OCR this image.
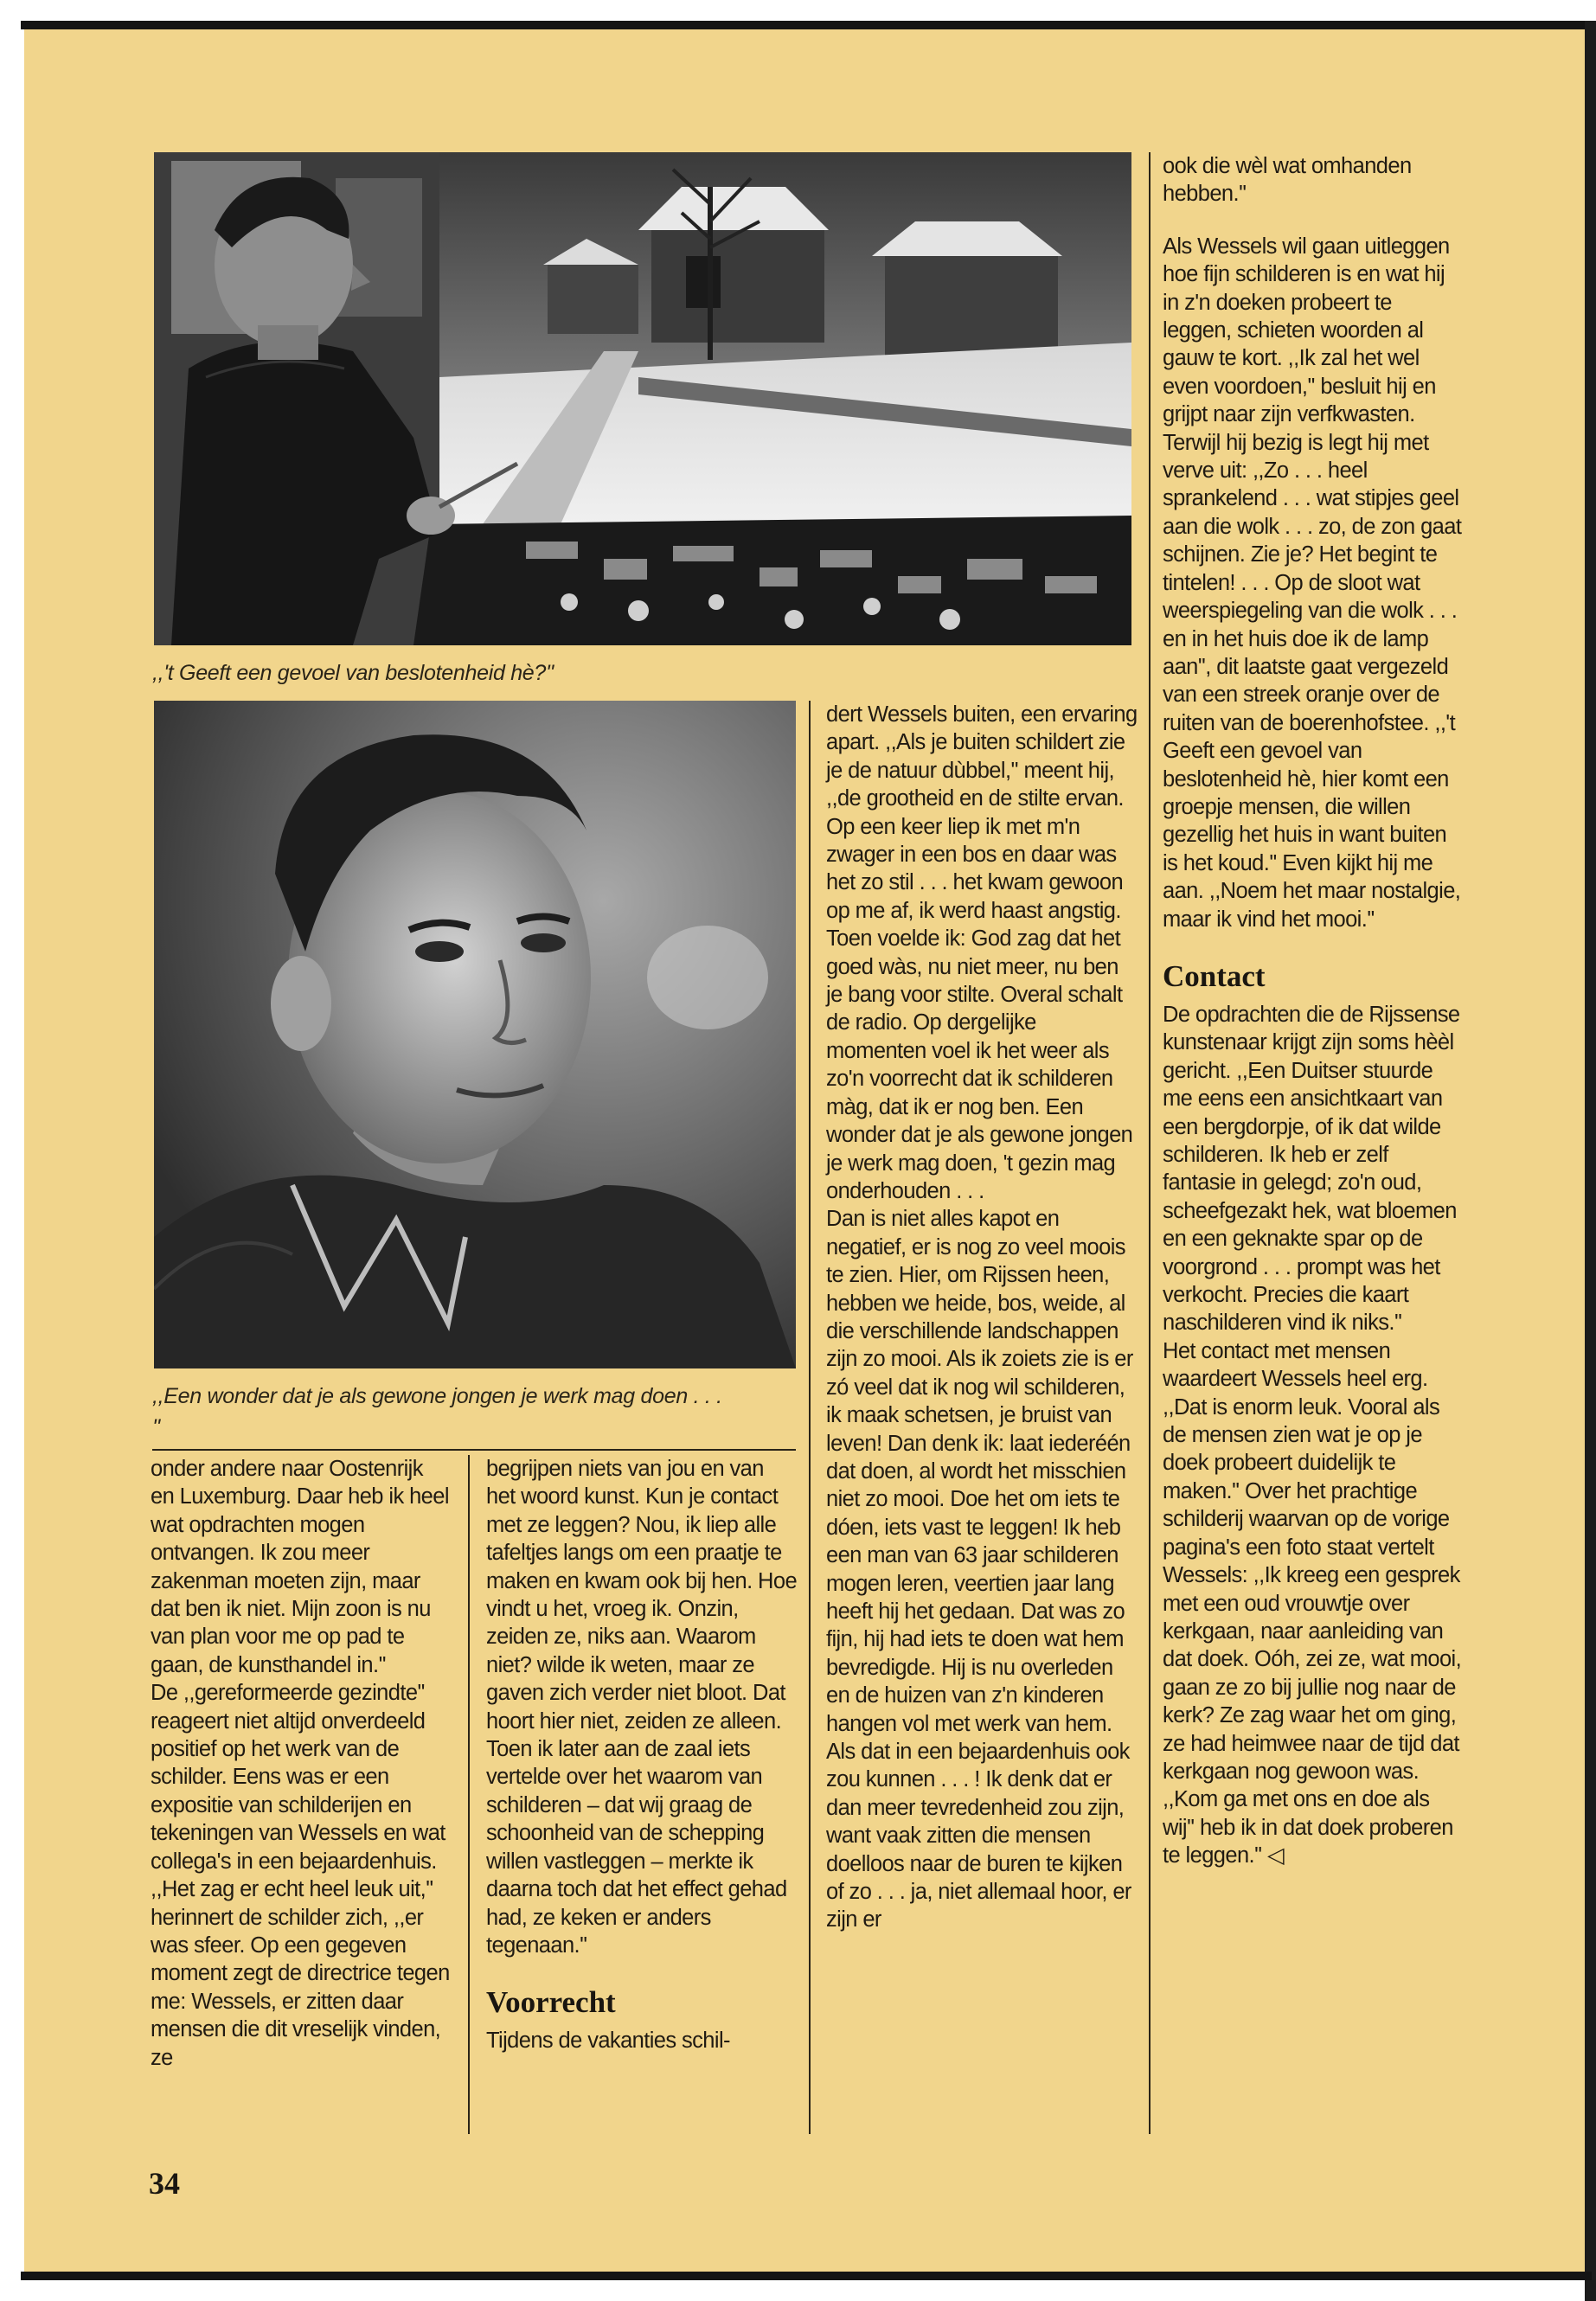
,,'t Geeft een gevoel van beslotenheid hè?''
,,Een wonder dat je als gewone jongen je werk mag doen . . . ''

onder andere naar Oostenrijk en Luxemburg. Daar heb ik heel wat opdrachten mogen ontvangen. Ik zou meer zakenman moeten zijn, maar dat ben ik niet. Mijn zoon is nu van plan voor me op pad te gaan, de kunsthandel in.''

De ,,gereformeerde gezindte'' reageert niet altijd onverdeeld positief op het werk van de schilder. Eens was er een expositie van schilderijen en tekeningen van Wessels en wat collega's in een bejaardenhuis. ,,Het zag er echt heel leuk uit,'' herinnert de schilder zich, ,,er was sfeer. Op een gegeven moment zegt de directrice tegen me: Wessels, er zitten daar mensen die dit vreselijk vinden, ze

begrijpen niets van jou en van het woord kunst. Kun je contact met ze leggen? Nou, ik liep alle tafeltjes langs om een praatje te maken en kwam ook bij hen. Hoe vindt u het, vroeg ik. Onzin, zeiden ze, niks aan. Waarom niet? wilde ik weten, maar ze gaven zich verder niet bloot. Dat hoort hier niet, zeiden ze alleen. Toen ik later aan de zaal iets vertelde over het waarom van schilderen – dat wij graag de schoonheid van de schepping willen vastleggen – merkte ik daarna toch dat het effect gehad had, ze keken er anders tegenaan.''

Voorrecht

Tijdens de vakanties schil-

dert Wessels buiten, een ervaring apart. ,,Als je buiten schildert zie je de natuur dùbbel,'' meent hij, ,,de grootheid en de stilte ervan. Op een keer liep ik met m'n zwager in een bos en daar was het zo stil . . . het kwam gewoon op me af, ik werd haast angstig. Toen voelde ik: God zag dat het goed wàs, nu niet meer, nu ben je bang voor stilte. Overal schalt de radio. Op dergelijke momenten voel ik het weer als zo'n voorrecht dat ik schilderen màg, dat ik er nog ben. Een wonder dat je als gewone jongen je werk mag doen, 't gezin mag onderhouden . . .

Dan is niet alles kapot en negatief, er is nog zo veel moois te zien. Hier, om Rijssen heen, hebben we heide, bos, weide, al die verschillende landschappen zijn zo mooi. Als ik zoiets zie is er zó veel dat ik nog wil schilderen, ik maak schetsen, je bruist van leven! Dan denk ik: laat iederéén dat doen, al wordt het misschien niet zo mooi. Doe het om iets te dóen, iets vast te leggen! Ik heb een man van 63 jaar schilderen mogen leren, veertien jaar lang heeft hij het gedaan. Dat was zo fijn, hij had iets te doen wat hem bevredigde. Hij is nu overleden en de huizen van z'n kinderen hangen vol met werk van hem. Als dat in een bejaardenhuis ook zou kunnen . . . ! Ik denk dat er dan meer tevredenheid zou zijn, want vaak zitten die mensen doelloos naar de buren te kijken of zo . . . ja, niet allemaal hoor, er zijn er

ook die wèl wat omhanden hebben.''

Als Wessels wil gaan uitleggen hoe fijn schilderen is en wat hij in z'n doeken probeert te leggen, schieten woorden al gauw te kort. ,,Ik zal het wel even voordoen,'' besluit hij en grijpt naar zijn verfkwasten. Terwijl hij bezig is legt hij met verve uit: ,,Zo . . . heel sprankelend . . . wat stipjes geel aan die wolk . . . zo, de zon gaat schijnen. Zie je? Het begint te tintelen! . . . Op de sloot wat weerspiegeling van die wolk . . . en in het huis doe ik de lamp aan'', dit laatste gaat vergezeld van een streek oranje over de ruiten van de boerenhofstee. ,,'t Geeft een gevoel van beslotenheid hè, hier komt een groepje mensen, die willen gezellig het huis in want buiten is het koud.'' Even kijkt hij me aan. ,,Noem het maar nostalgie, maar ik vind het mooi.''

Contact

De opdrachten die de Rijssense kunstenaar krijgt zijn soms hèèl gericht. ,,Een Duitser stuurde me eens een ansichtkaart van een bergdorpje, of ik dat wilde schilderen. Ik heb er zelf fantasie in gelegd; zo'n oud, scheefgezakt hek, wat bloemen en een geknakte spar op de voorgrond . . . prompt was het verkocht. Precies die kaart naschilderen vind ik niks.''

Het contact met mensen waardeert Wessels heel erg. ,,Dat is enorm leuk. Vooral als de mensen zien wat je op je doek probeert duidelijk te maken.'' Over het prachtige schilderij waarvan op de vorige pagina's een foto staat vertelt Wessels: ,,Ik kreeg een gesprek met een oud vrouwtje over kerkgaan, naar aanleiding van dat doek. Oóh, zei ze, wat mooi, gaan ze zo bij jullie nog naar de kerk? Ze zag waar het om ging, ze had heimwee naar de tijd dat kerkgaan nog gewoon was. ,,Kom ga met ons en doe als wij'' heb ik in dat doek proberen te leggen.'' ◁

34
